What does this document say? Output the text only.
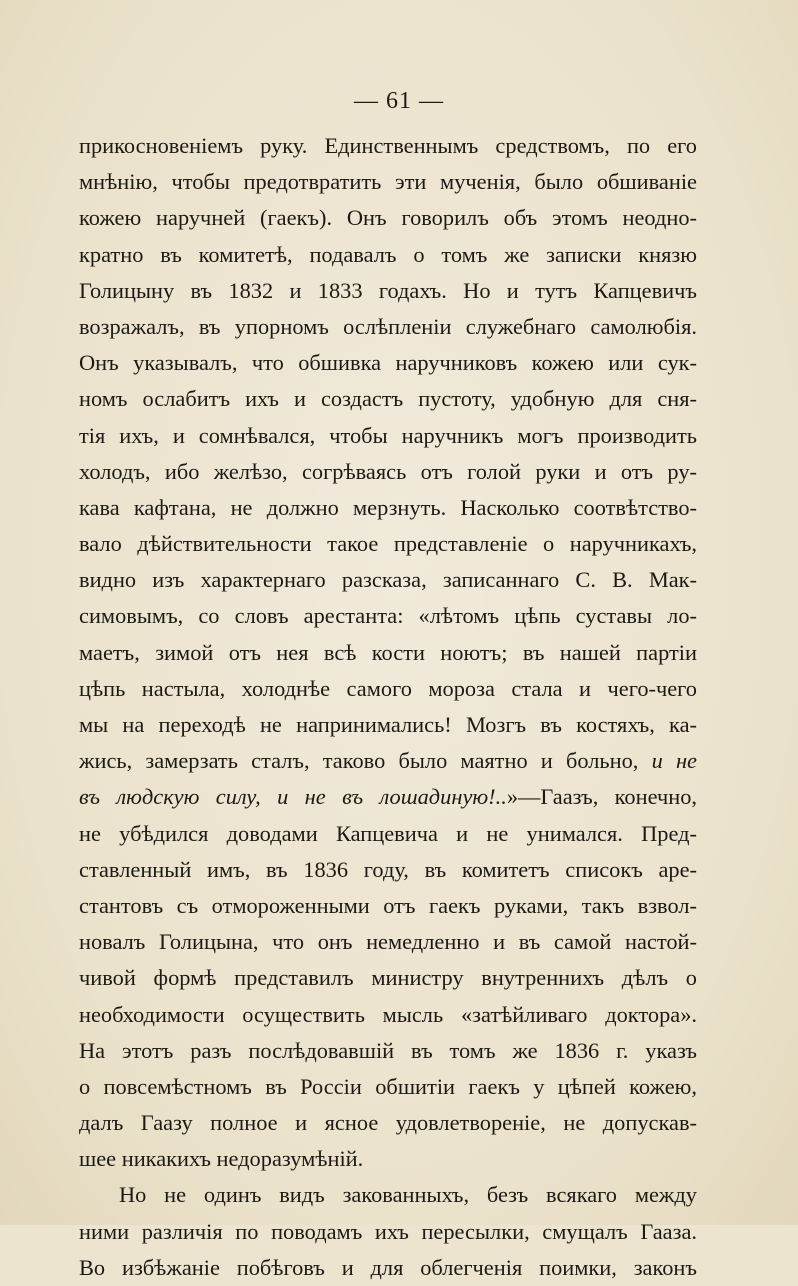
— 61 —
прикосновенiемъ руку. Единственнымъ средствомъ, по его
мнѣнiю, чтобы предотвратить эти мученiя, было обшиванiе
кожею наручней (гаекъ). Онъ говорилъ объ этомъ неодно-
кратно въ комитетѣ, подавалъ о томъ же записки князю
Голицыну въ 1832 и 1833 годахъ. Но и тутъ Капцевичъ
возражалъ, въ упорномъ ослѣпленiи служебнаго самолюбiя.
Онъ указывалъ, что обшивка наручниковъ кожею или сук-
номъ ослабитъ ихъ и создастъ пустоту, удобную для сня-
тiя ихъ, и сомнѣвался, чтобы наручникъ могъ производить
холодъ, ибо желѣзо, согрѣваясь отъ голой руки и отъ ру-
кава кафтана, не должно мерзнуть. Насколько соотвѣтство-
вало дѣйствительности такое представленiе о наручникахъ,
видно изъ характернаго разсказа, записаннаго С. В. Мак-
симовымъ, со словъ арестанта: «лѣтомъ цѣпь суставы ло-
маетъ, зимой отъ нея всѣ кости ноютъ; въ нашей партiи
цѣпь настыла, холоднѣе самого мороза стала и чего-чего
мы на переходѣ не напринимались! Мозгъ въ костяхъ, ка-
жись, замерзать сталъ, таково было маятно и больно, и не
въ людскую силу, и не въ лошадиную!..»—Гаазъ, конечно,
не убѣдился доводами Капцевича и не унимался. Пред-
ставленный имъ, въ 1836 году, въ комитетъ списокъ аре-
стантовъ съ отмороженными отъ гаекъ руками, такъ взвол-
новалъ Голицына, что онъ немедленно и въ самой настой-
чивой формѣ представилъ министру внутреннихъ дѣлъ о
необходимости осуществить мысль «затѣйливаго доктора».
На этотъ разъ послѣдовавшiй въ томъ же 1836 г. указъ
о повсемѣстномъ въ Россiи обшитiи гаекъ у цѣпей кожею,
далъ Гаазу полное и ясное удовлетворенiе, не допускав-
шее никакихъ недоразумѣнiй.
Но не одинъ видъ закованныхъ, безъ всякаго между
ними различiя по поводамъ ихъ пересылки, смущалъ Гааза.
Во избѣжанiе побѣговъ и для облегченiя поимки, законъ
